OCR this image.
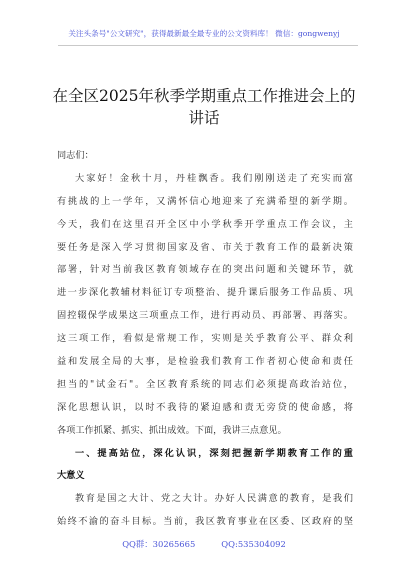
关注头条号"公文研究"，获得最新最全最专业的公文资料库！ 微信：gongwenyj
在全区2025年秋季学期重点工作推进会上的
讲话
同志们：
大家好！金秋十月，丹桂飘香。我们刚刚送走了充实而富
有挑战的上一学年，又满怀信心地迎来了充满希望的新学期。
今天，我们在这里召开全区中小学秋季开学重点工作会议，主
要任务是深入学习贯彻国家及省、市关于教育工作的最新决策
部署，针对当前我区教育领域存在的突出问题和关键环节，就
进一步深化教辅材料征订专项整治、提升课后服务工作品质、巩
固控辍保学成果这三项重点工作，进行再动员、再部署、再落实。
这三项工作，看似是常规工作，实则是关乎教育公平、群众利
益和发展全局的大事，是检验我们教育工作者初心使命和责任
担当的"试金石"。全区教育系统的同志们必须提高政治站位，
深化思想认识，以时不我待的紧迫感和责无旁贷的使命感，将
各项工作抓紧、抓实、抓出成效。下面，我讲三点意见。
一、提高站位，深化认识，深刻把握新学期教育工作的重
大意义
教育是国之大计、党之大计。办好人民满意的教育，是我们
始终不渝的奋斗目标。当前，我区教育事业在区委、区政府的坚
QQ群：30265665	QQ:535304092
